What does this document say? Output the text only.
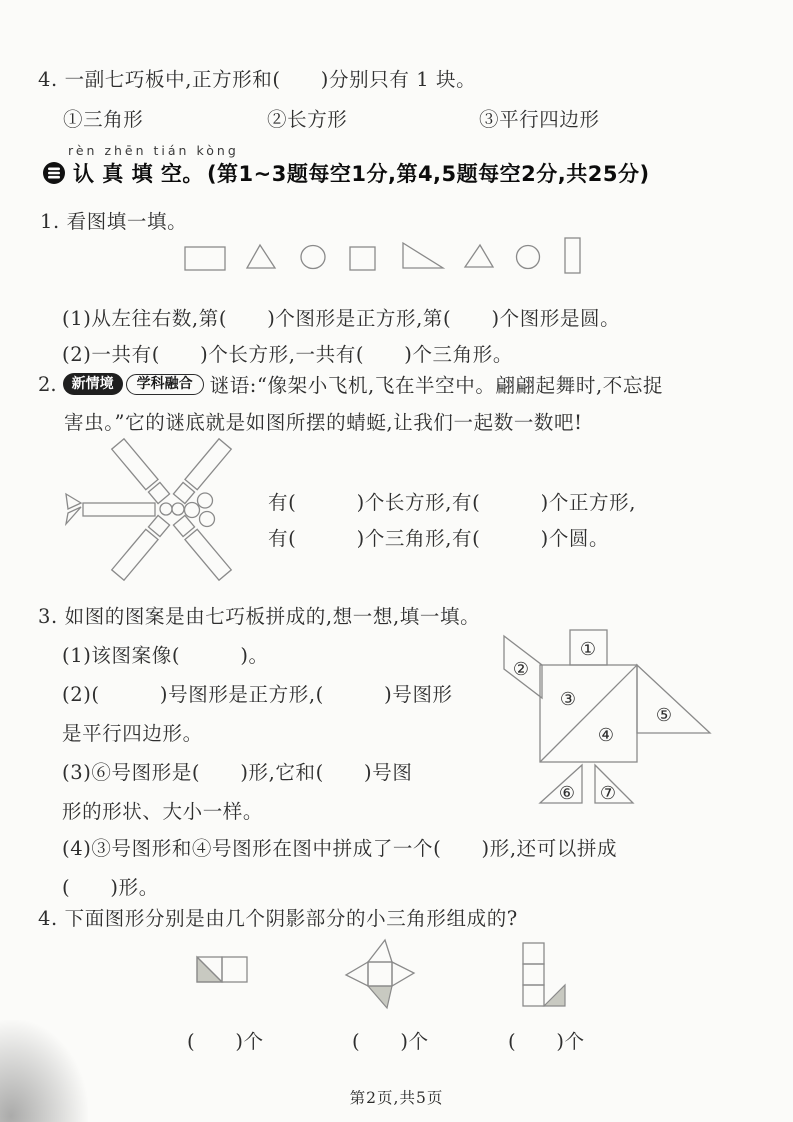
4. 一副七巧板中,正方形和(　　)分别只有 1 块。
①三角形	②长方形	③平行四边形
rèn zhēn tián kòng
认 真 填 空。 (第1~3题每空1分,第4,5题每空2分,共25分)
1. 看图填一填。
(1)从左往右数,第(　　)个图形是正方形,第(　　)个图形是圆。
(2)一共有(　　)个长方形,一共有(　　)个三角形。
2.	新情境	学科融合 谜语:“像架小飞机,飞在半空中。翩翩起舞时,不忘捉
害虫。”它的谜底就是如图所摆的蜻蜓,让我们一起数一数吧!
有(　　　)个长方形,有(　　　)个正方形,
有(　　　)个三角形,有(　　　)个圆。
3. 如图的图案是由七巧板拼成的,想一想,填一填。
(1)该图案像(　　　)。
(2)(　　　)号图形是正方形,(　　　)号图形
是平行四边形。
(3)⑥号图形是(　　)形,它和(　　)号图
形的形状、大小一样。
(4)③号图形和④号图形在图中拼成了一个(　　)形,还可以拼成
(　　)形。
①
②
③
④
⑤
⑥ ⑦
4. 下面图形分别是由几个阴影部分的小三角形组成的?
(　　)个	(　　)个	(　　)个
第2页,共5页
